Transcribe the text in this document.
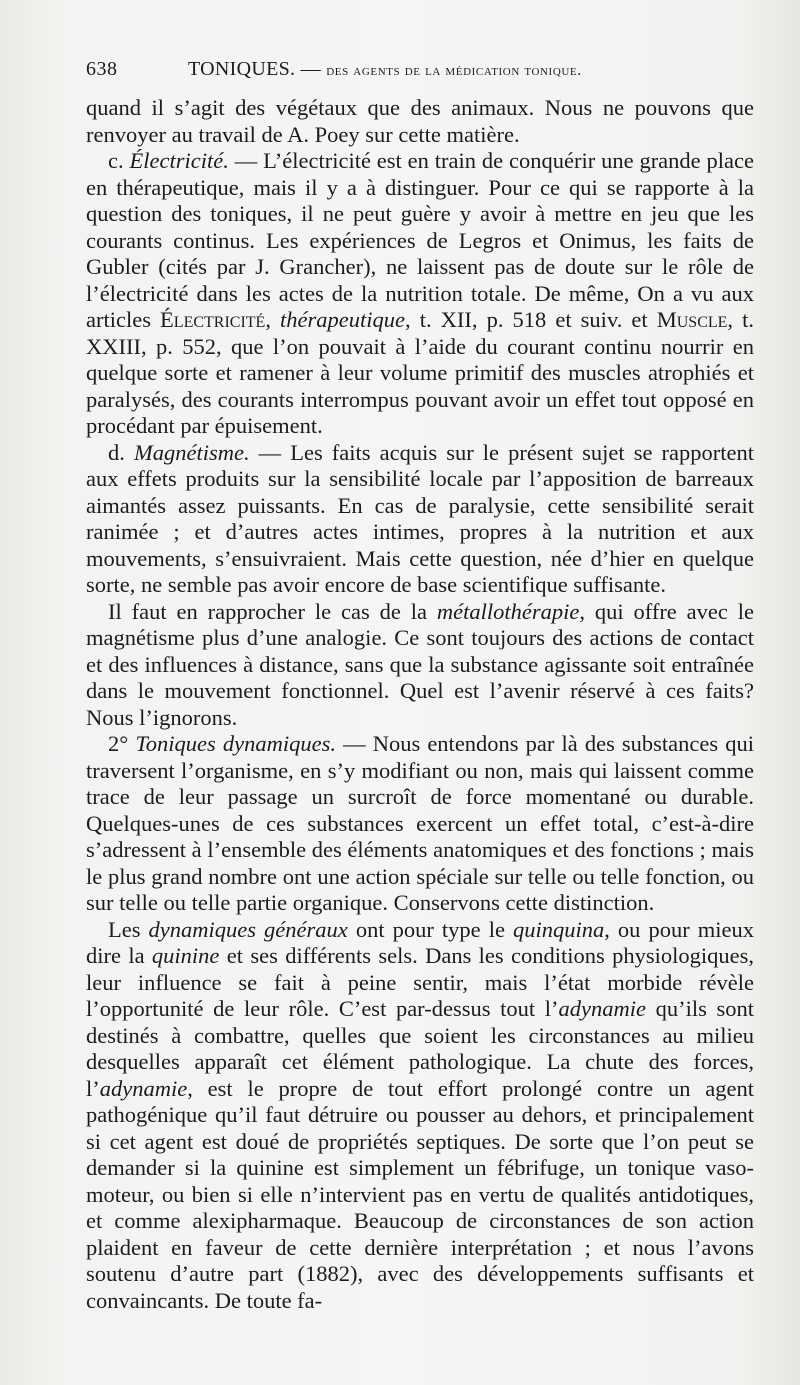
638	TONIQUES. — des agents de la médication tonique.

quand il s’agit des végétaux que des animaux. Nous ne pouvons que renvoyer au travail de A. Poey sur cette matière.

c. Électricité. — L’électricité est en train de conquérir une grande place en thérapeutique, mais il y a à distinguer. Pour ce qui se rapporte à la question des toniques, il ne peut guère y avoir à mettre en jeu que les courants continus. Les expériences de Legros et Onimus, les faits de Gubler (cités par J. Grancher), ne laissent pas de doute sur le rôle de l’électricité dans les actes de la nutrition totale. De même, On a vu aux articles Électricité, thérapeutique, t. XII, p. 518 et suiv. et Muscle, t. XXIII, p. 552, que l’on pouvait à l’aide du courant continu nourrir en quelque sorte et ramener à leur volume primitif des muscles atrophiés et paralysés, des courants interrompus pouvant avoir un effet tout opposé en procédant par épuisement.

d. Magnétisme. — Les faits acquis sur le présent sujet se rapportent aux effets produits sur la sensibilité locale par l’apposition de barreaux aimantés assez puissants. En cas de paralysie, cette sensibilité serait ranimée ; et d’autres actes intimes, propres à la nutrition et aux mouvements, s’ensuivraient. Mais cette question, née d’hier en quelque sorte, ne semble pas avoir encore de base scientifique suffisante.

Il faut en rapprocher le cas de la métallothérapie, qui offre avec le magnétisme plus d’une analogie. Ce sont toujours des actions de contact et des influences à distance, sans que la substance agissante soit entraînée dans le mouvement fonctionnel. Quel est l’avenir réservé à ces faits? Nous l’ignorons.

2° Toniques dynamiques. — Nous entendons par là des substances qui traversent l’organisme, en s’y modifiant ou non, mais qui laissent comme trace de leur passage un surcroît de force momentané ou durable. Quelques-unes de ces substances exercent un effet total, c’est-à-dire s’adressent à l’ensemble des éléments anatomiques et des fonctions ; mais le plus grand nombre ont une action spéciale sur telle ou telle fonction, ou sur telle ou telle partie organique. Conservons cette distinction.

Les dynamiques généraux ont pour type le quinquina, ou pour mieux dire la quinine et ses différents sels. Dans les conditions physiologiques, leur influence se fait à peine sentir, mais l’état morbide révèle l’opportunité de leur rôle. C’est par-dessus tout l’adynamie qu’ils sont destinés à combattre, quelles que soient les circonstances au milieu desquelles apparaît cet élément pathologique. La chute des forces, l’adynamie, est le propre de tout effort prolongé contre un agent pathogénique qu’il faut détruire ou pousser au dehors, et principalement si cet agent est doué de propriétés septiques. De sorte que l’on peut se demander si la quinine est simplement un fébrifuge, un tonique vaso-moteur, ou bien si elle n’intervient pas en vertu de qualités antidotiques, et comme alexipharmaque. Beaucoup de circonstances de son action plaident en faveur de cette dernière interprétation ; et nous l’avons soutenu d’autre part (1882), avec des développements suffisants et convaincants. De toute fa-
